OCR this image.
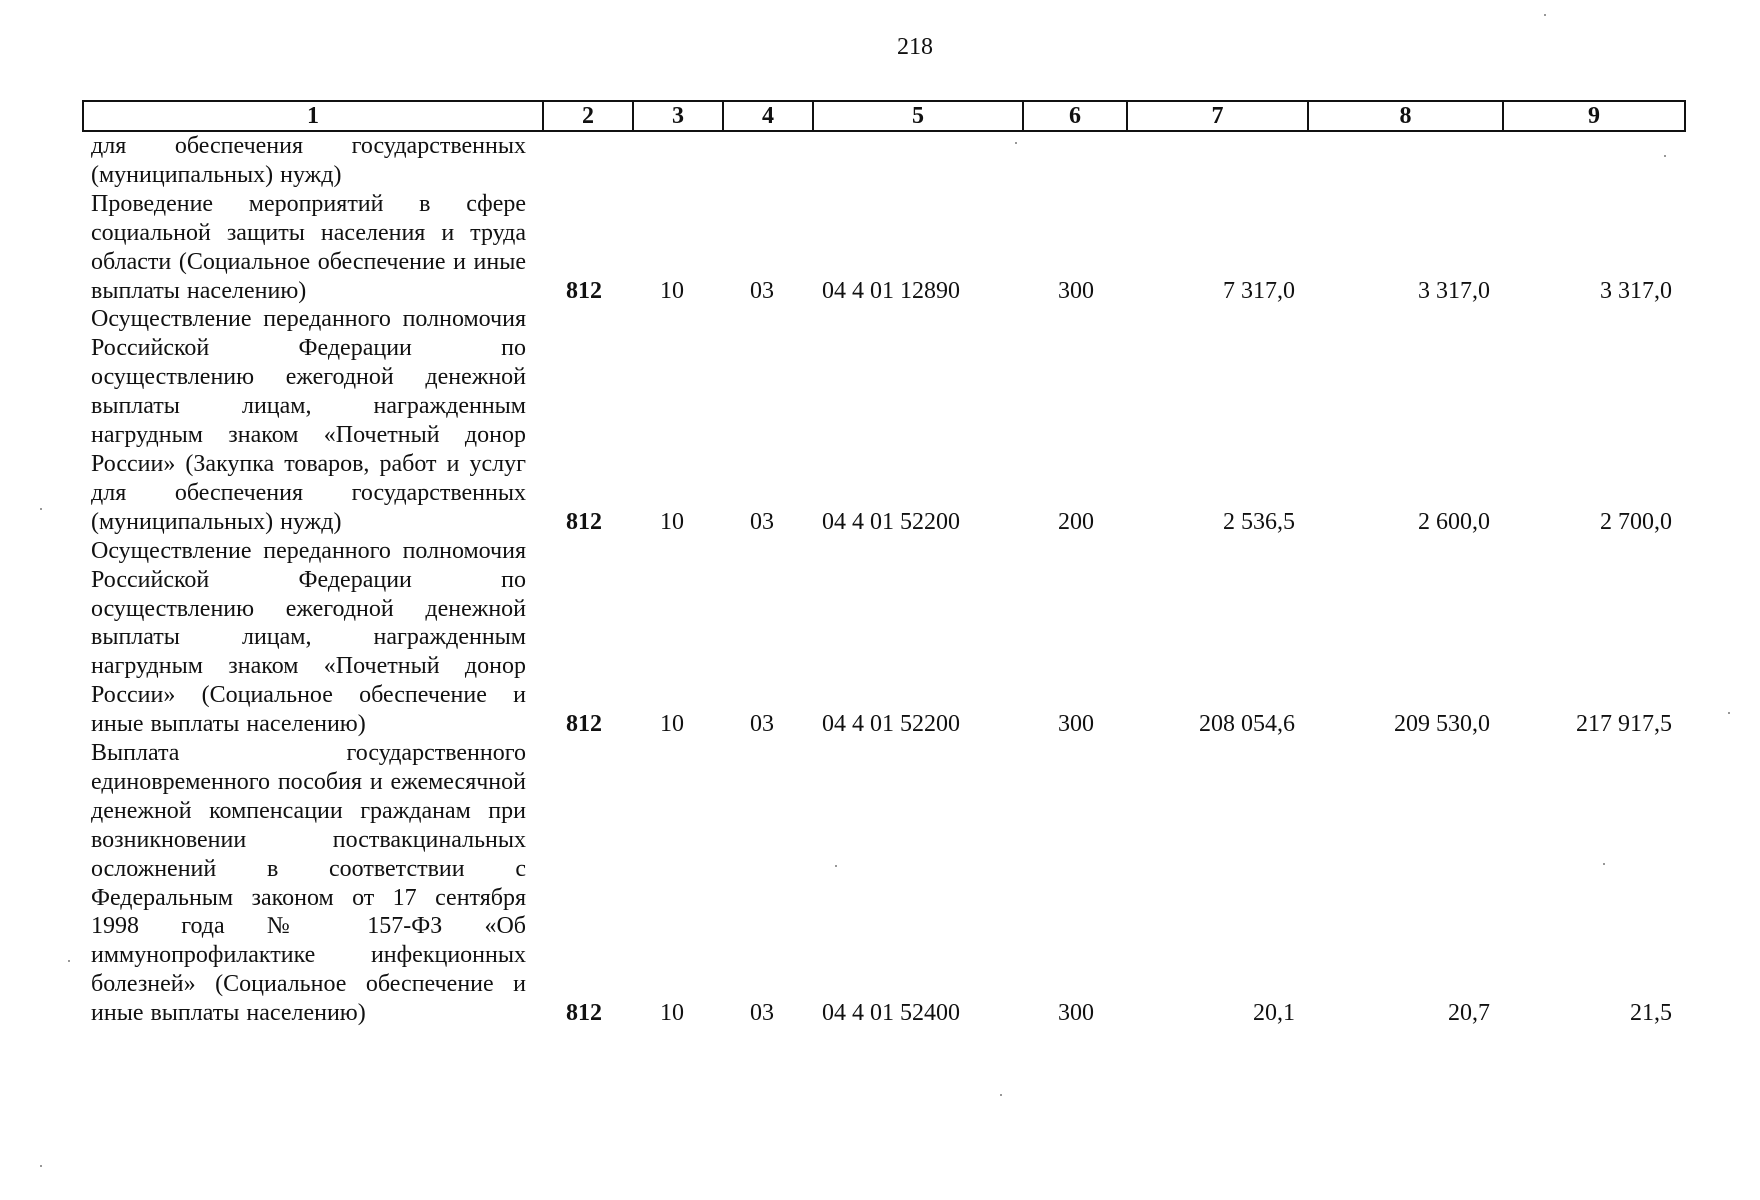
218
1	2	3	4	5	6	7	8	9
для обеспечения государственных (муниципальных) нужд)								
Проведение мероприятий в сфере социальной защиты населения и труда области (Социальное обеспечение и иные выплаты населению)	812	10	03	04 4 01 12890	300	7 317,0	3 317,0	3 317,0
Осуществление переданного полномочия Российской Федерации по осуществлению ежегодной денежной выплаты лицам, награжденным нагрудным знаком «Почетный донор России» (Закупка товаров, работ и услуг для обеспечения государственных (муниципальных) нужд)	812	10	03	04 4 01 52200	200	2 536,5	2 600,0	2 700,0
Осуществление переданного полномочия Российской Федерации по осуществлению ежегодной денежной выплаты лицам, награжденным нагрудным знаком «Почетный донор России» (Социальное обеспечение и иные выплаты населению)	812	10	03	04 4 01 52200	300	208 054,6	209 530,0	217 917,5
Выплата государственного единовременного пособия и ежемесячной денежной компенсации гражданам при возникновении поствакцинальных осложнений в соответствии с Федеральным законом от 17 сентября 1998 года № 157-ФЗ «Об иммунопрофилактике инфекционных болезней» (Социальное обеспечение и иные выплаты населению)	812	10	03	04 4 01 52400	300	20,1	20,7	21,5
